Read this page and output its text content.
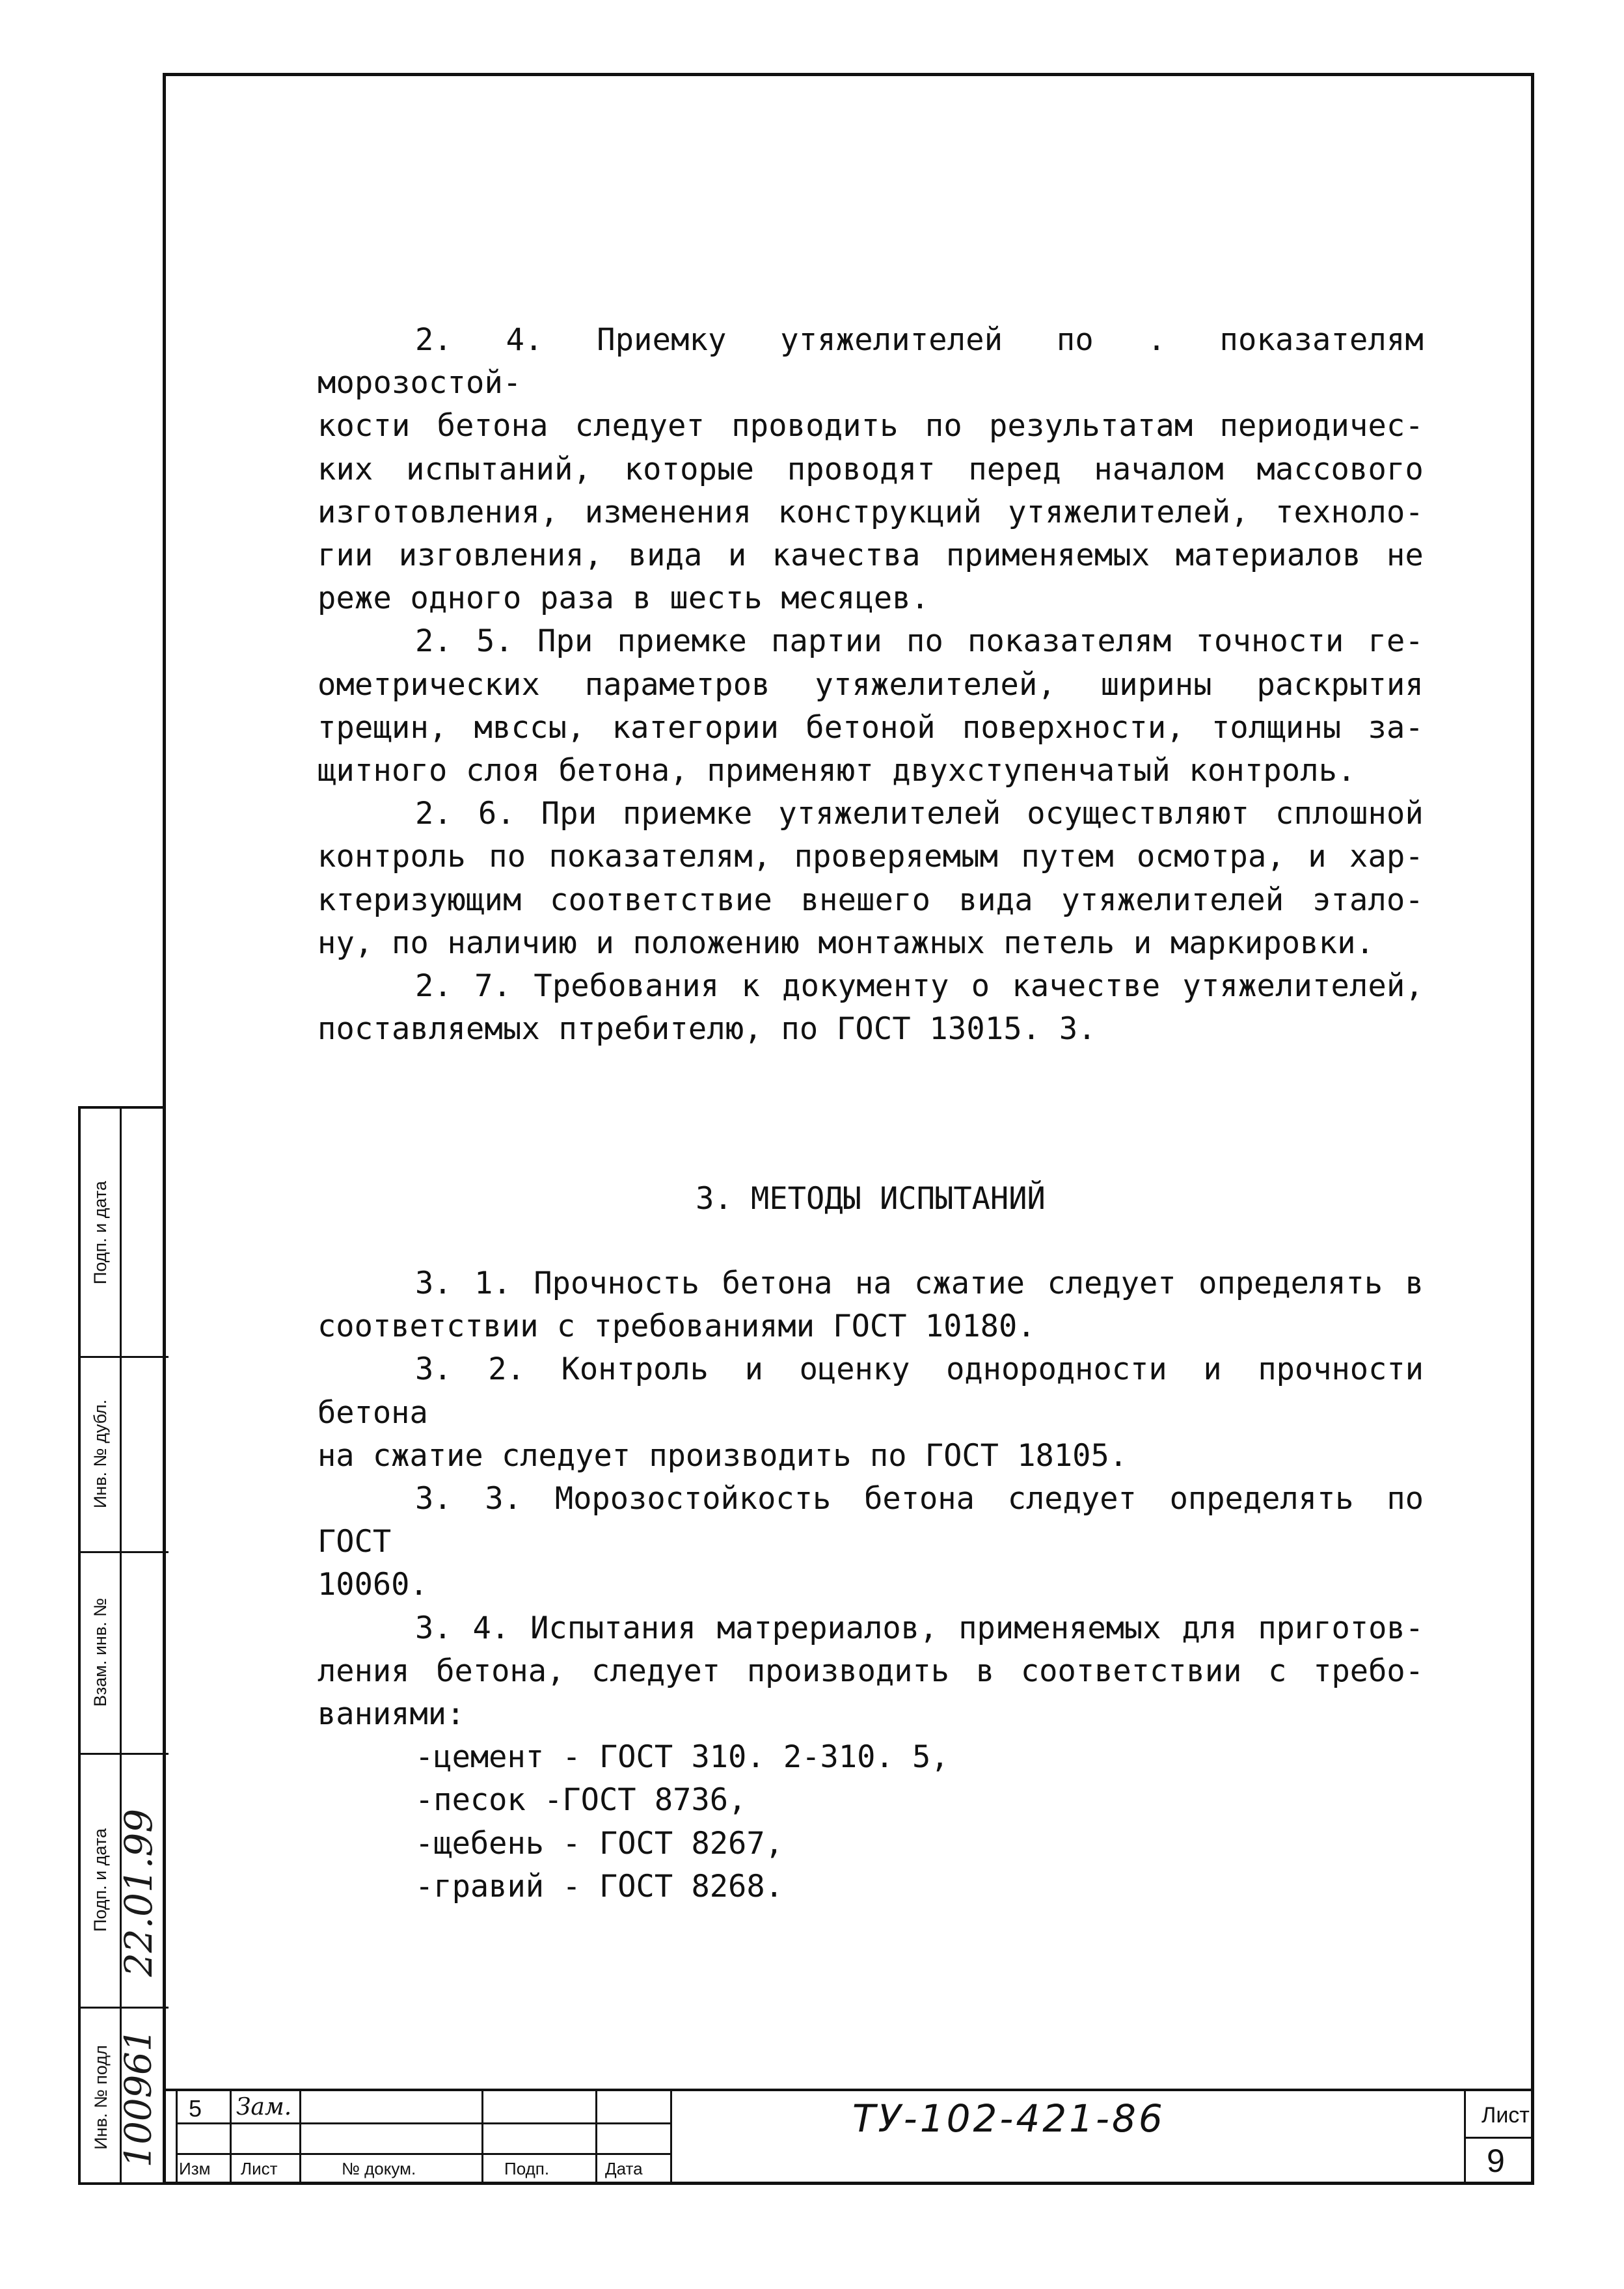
2. 4. Приемку утяжелителей по . показателям морозостой-

кости бетона следует проводить по результатам периодичес-

ких испытаний, которые проводят перед началом массового

изготовления, изменения конструкций утяжелителей, техноло-

гии изговления, вида и качества применяемых материалов не

реже одного раза в шесть месяцев.

2. 5. При приемке партии по показателям точности ге-

ометрических параметров утяжелителей, ширины раскрытия

трещин, мвссы, категории бетоной поверхности, толщины за-

щитного слоя бетона, применяют двухступенчатый контроль.

2. 6. При приемке утяжелителей осуществляют сплошной

контроль по показателям, проверяемым путем осмотра, и хар-

ктеризующим соответствие внешего вида утяжелителей эталo-

ну, по наличию и положению монтажных петель и маркировки.

2. 7. Требования к документу о качестве утяжелителей,

поставляемых птребителю, по ГОСТ 13015. 3.

3. МЕТОДЫ ИСПЫТАНИЙ

3. 1. Прочность бетона на сжатие следует определять в

соответствии с требованиями ГОСТ 10180.

3. 2. Контроль и оценку однородности и прочности бетона

на сжатие следует производить по ГОСТ 18105.

3. 3. Морозостойкость бетона следует определять по ГОСТ

10060.

3. 4. Испытания матрериалов, применяемых для приготов-

ления бетона, следует производить в соответствии с требо-

ваниями:

-цемент - ГОСТ 310. 2-310. 5,

-песок -ГОСТ 8736,

-щебень - ГОСТ 8267,

-гравий - ГОСТ 8268.

Подп. и дата
Инв. № дубл.
Взам. инв. №
Подп. и дата
Инв. № подл
22.01.99
100961 5 Зам.
Изм Лист	№ докум.	Подп.	Дата
Лист
9
ТУ-102-421-86
